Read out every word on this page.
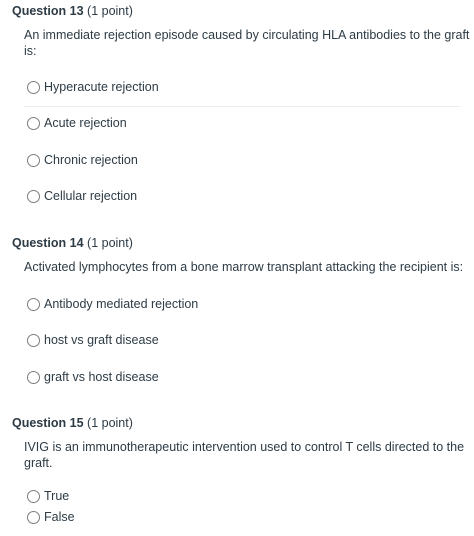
Question 13 (1 point)
An immediate rejection episode caused by circulating HLA antibodies to the graft is:
Hyperacute rejection
Acute rejection
Chronic rejection
Cellular rejection
Question 14 (1 point)
Activated lymphocytes from a bone marrow transplant attacking the recipient is:
Antibody mediated rejection
host vs graft disease
graft vs host disease
Question 15 (1 point)
IVIG is an immunotherapeutic intervention used to control T cells directed to the graft.
True
False
